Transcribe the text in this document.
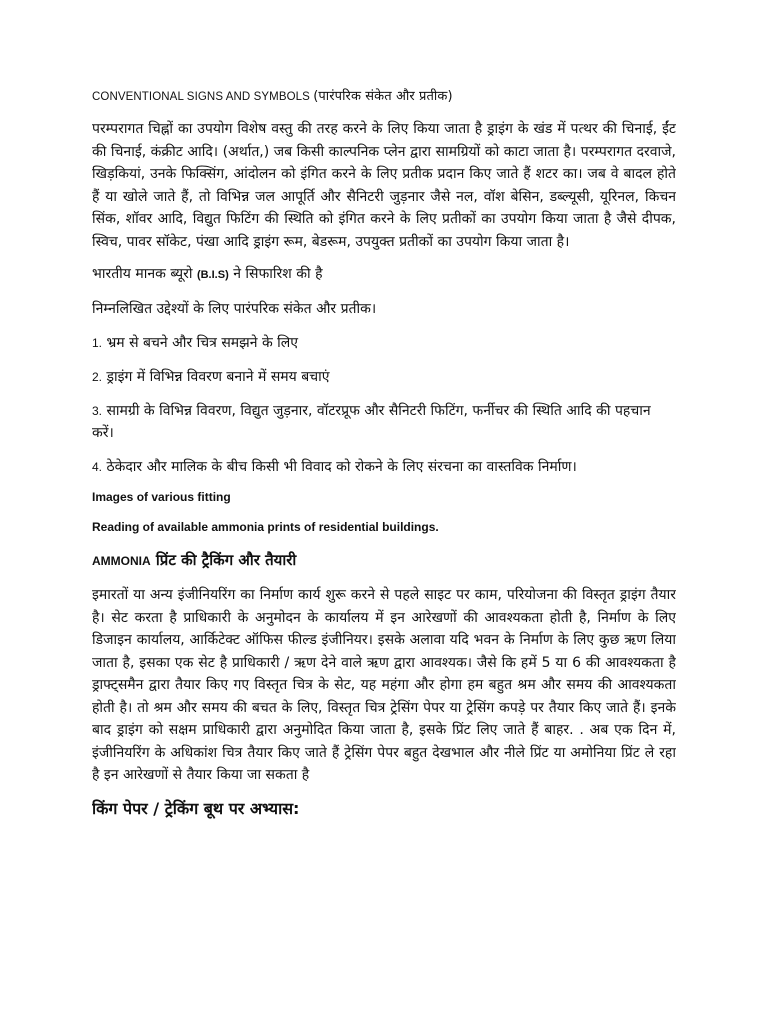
CONVENTIONAL SIGNS AND SYMBOLS (पारंपरिक संकेत और प्रतीक)

परम्परागत चिह्नों का उपयोग विशेष वस्तु की तरह करने के लिए किया जाता है ड्राइंग के खंड में पत्थर की चिनाई, ईंट की चिनाई, कंक्रीट आदि। (अर्थात,) जब किसी काल्पनिक प्लेन द्वारा सामग्रियों को काटा जाता है। परम्परागत दरवाजे, खिड़कियां, उनके फिक्सिंग, आंदोलन को इंगित करने के लिए प्रतीक प्रदान किए जाते हैं शटर का। जब वे बादल होते हैं या खोले जाते हैं, तो विभिन्न जल आपूर्ति और सैनिटरी जुड़नार जैसे नल, वॉश बेसिन, डब्ल्यूसी, यूरिनल, किचन सिंक, शॉवर आदि, विद्युत फिटिंग की स्थिति को इंगित करने के लिए प्रतीकों का उपयोग किया जाता है जैसे दीपक, स्विच, पावर सॉकेट, पंखा आदि ड्राइंग रूम, बेडरूम, उपयुक्त प्रतीकों का उपयोग किया जाता है।

भारतीय मानक ब्यूरो (B.I.S) ने सिफारिश की है
निम्नलिखित उद्देश्यों के लिए पारंपरिक संकेत और प्रतीक।
1. भ्रम से बचने और चित्र समझने के लिए
2. ड्राइंग में विभिन्न विवरण बनाने में समय बचाएं
3. सामग्री के विभिन्न विवरण, विद्युत जुड़नार, वॉटरप्रूफ और सैनिटरी फिटिंग, फर्नीचर की स्थिति आदि की पहचान करें।
4. ठेकेदार और मालिक के बीच किसी भी विवाद को रोकने के लिए संरचना का वास्तविक निर्माण।
Images of various fitting
Reading of available ammonia prints of residential buildings.
AMMONIA प्रिंट की ट्रैकिंग और तैयारी

इमारतों या अन्य इंजीनियरिंग का निर्माण कार्य शुरू करने से पहले साइट पर काम, परियोजना की विस्तृत ड्राइंग तैयार है। सेट करता है प्राधिकारी के अनुमोदन के कार्यालय में इन आरेखणों की आवश्यकता होती है, निर्माण के लिए डिजाइन कार्यालय, आर्किटेक्ट ऑफिस फील्ड इंजीनियर। इसके अलावा यदि भवन के निर्माण के लिए कुछ ऋण लिया जाता है, इसका एक सेट है प्राधिकारी / ऋण देने वाले ऋण द्वारा आवश्यक। जैसे कि हमें 5 या 6 की आवश्यकता है ड्राफ्ट्समैन द्वारा तैयार किए गए विस्तृत चित्र के सेट, यह महंगा और होगा हम बहुत श्रम और समय की आवश्यकता होती है। तो श्रम और समय की बचत के लिए, विस्तृत चित्र ट्रेसिंग पेपर या ट्रेसिंग कपड़े पर तैयार किए जाते हैं। इनके बाद ड्राइंग को सक्षम प्राधिकारी द्वारा अनुमोदित किया जाता है, इसके प्रिंट लिए जाते हैं बाहर. . अब एक दिन में, इंजीनियरिंग के अधिकांश चित्र तैयार किए जाते हैं ट्रेसिंग पेपर बहुत देखभाल और नीले प्रिंट या अमोनिया प्रिंट ले रहा है इन आरेखणों से तैयार किया जा सकता है

किंग पेपर / ट्रेकिंग बूथ पर अभ्यास:
